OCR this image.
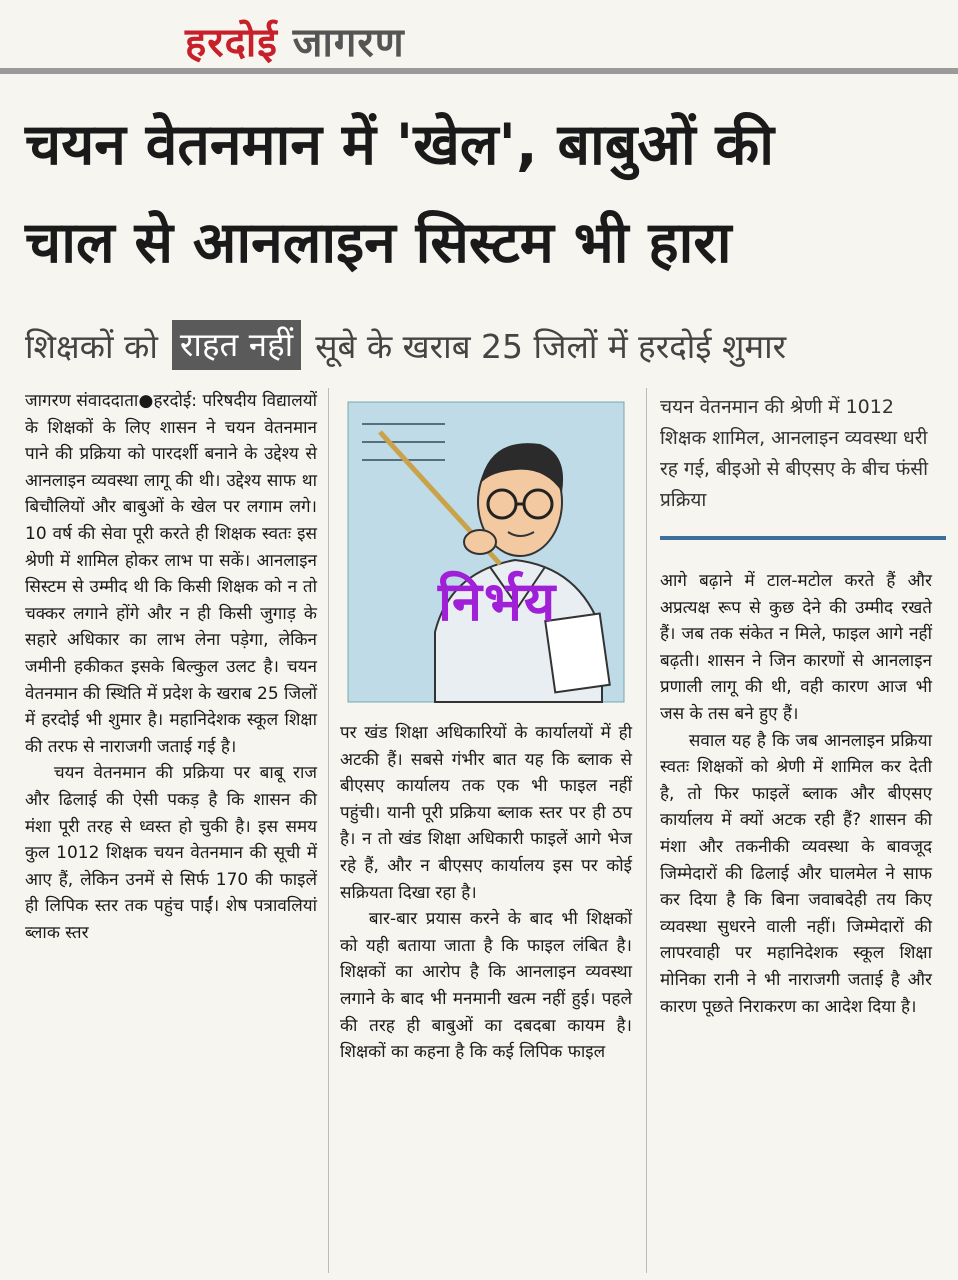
हरदोई जागरण
चयन वेतनमान में 'खेल', बाबुओं की
चाल से आनलाइन सिस्टम भी हारा
शिक्षकों को राहत नहीं सूबे के खराब 25 जिलों में हरदोई शुमार

जागरण संवाददाता●हरदोई: परिषदीय विद्यालयों के शिक्षकों के लिए शासन ने चयन वेतनमान पाने की प्रक्रिया को पारदर्शी बनाने के उद्देश्य से आनलाइन व्यवस्था लागू की थी। उद्देश्य साफ था बिचौलियों और बाबुओं के खेल पर लगाम लगे। 10 वर्ष की सेवा पूरी करते ही शिक्षक स्वतः इस श्रेणी में शामिल होकर लाभ पा सकें। आनलाइन सिस्टम से उम्मीद थी कि किसी शिक्षक को न तो चक्कर लगाने होंगे और न ही किसी जुगाड़ के सहारे अधिकार का लाभ लेना पड़ेगा, लेकिन जमीनी हकीकत इसके बिल्कुल उलट है। चयन वेतनमान की स्थिति में प्रदेश के खराब 25 जिलों में हरदोई भी शुमार है। महानिदेशक स्कूल शिक्षा की तरफ से नाराजगी जताई गई है।

चयन वेतनमान की प्रक्रिया पर बाबू राज और ढिलाई की ऐसी पकड़ है कि शासन की मंशा पूरी तरह से ध्वस्त हो चुकी है। इस समय कुल 1012 शिक्षक चयन वेतनमान की सूची में आए हैं, लेकिन उनमें से सिर्फ 170 की फाइलें ही लिपिक स्तर तक पहुंच पाईं। शेष पत्रावलियां ब्लाक स्तर

निर्भय

पर खंड शिक्षा अधिकारियों के कार्यालयों में ही अटकी हैं। सबसे गंभीर बात यह कि ब्लाक से बीएसए कार्यालय तक एक भी फाइल नहीं पहुंची। यानी पूरी प्रक्रिया ब्लाक स्तर पर ही ठप है। न तो खंड शिक्षा अधिकारी फाइलें आगे भेज रहे हैं, और न बीएसए कार्यालय इस पर कोई सक्रियता दिखा रहा है।

बार-बार प्रयास करने के बाद भी शिक्षकों को यही बताया जाता है कि फाइल लंबित है। शिक्षकों का आरोप है कि आनलाइन व्यवस्था लगाने के बाद भी मनमानी खत्म नहीं हुई। पहले की तरह ही बाबुओं का दबदबा कायम है। शिक्षकों का कहना है कि कई लिपिक फाइल

चयन वेतनमान की श्रेणी में 1012 शिक्षक शामिल, आनलाइन व्यवस्था धरी रह गई, बीइओ से बीएसए के बीच फंसी प्रक्रिया

आगे बढ़ाने में टाल-मटोल करते हैं और अप्रत्यक्ष रूप से कुछ देने की उम्मीद रखते हैं। जब तक संकेत न मिले, फाइल आगे नहीं बढ़ती। शासन ने जिन कारणों से आनलाइन प्रणाली लागू की थी, वही कारण आज भी जस के तस बने हुए हैं।

सवाल यह है कि जब आनलाइन प्रक्रिया स्वतः शिक्षकों को श्रेणी में शामिल कर देती है, तो फिर फाइलें ब्लाक और बीएसए कार्यालय में क्यों अटक रही हैं? शासन की मंशा और तकनीकी व्यवस्था के बावजूद जिम्मेदारों की ढिलाई और घालमेल ने साफ कर दिया है कि बिना जवाबदेही तय किए व्यवस्था सुधरने वाली नहीं। जिम्मेदारों की लापरवाही पर महानिदेशक स्कूल शिक्षा मोनिका रानी ने भी नाराजगी जताई है और कारण पूछते निराकरण का आदेश दिया है।
